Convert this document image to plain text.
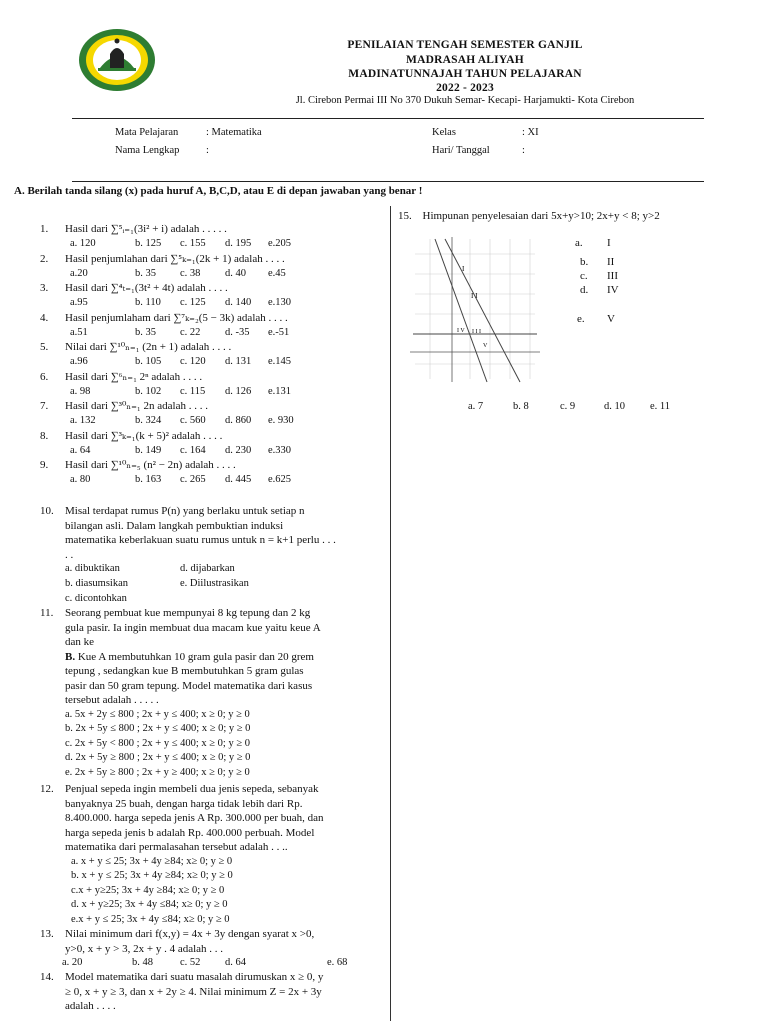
PENILAIAN TENGAH SEMESTER GANJIL
MADRASAH ALIYAH
MADINATUNNAJAH TAHUN PELAJARAN
2022 - 2023
Jl. Cirebon Permai III No 370 Dukuh Semar- Kecapi- Harjamukti- Kota Cirebon
Mata Pelajaran	: Matematika
Nama Lengkap	:
Kelas	: XI
Hari/ Tanggal	:
A. Berilah tanda silang (x) pada huruf A, B,C,D, atau E di depan jawaban yang benar !
1. Hasil dari ∑⁵ᵢ₌₁(3i² + i) adalah . . . . .
a. 120	b. 125 c. 155 d. 195 e.205
2. Hasil penjumlahan dari ∑⁵ₖ₌₁(2k + 1) adalah . . . .
a.20	b. 35 c. 38 d. 40 e.45
3. Hasil dari ∑⁴ₜ₌₁(3t² + 4t) adalah . . . .
a.95	b. 110 c. 125 d. 140 e.130
4. Hasil penjumlaham dari ∑⁷ₖ₌₂(5 − 3k) adalah . . . .
a.51	b. 35 c. 22 d. -35 e.-51
5. Nilai dari ∑¹⁰ₙ₌₁ (2n + 1) adalah . . . .
a.96	b. 105 c. 120 d. 131 e.145
6. Hasil dari ∑⁶ₙ₌₁ 2ⁿ adalah . . . .
a. 98	b. 102 c. 115 d. 126 e.131
7. Hasil dari ∑³⁰ₙ₌₁ 2n adalah . . . .
a. 132	b. 324 c. 560 d. 860 e. 930
8. Hasil dari ∑³ₖ₌₁(k + 5)² adalah . . . .
a. 64	b. 149 c. 164 d. 230 e.330
9. Hasil dari ∑¹⁰ₙ₌₅ (n² − 2n) adalah . . . .
a. 80	b. 163 c. 265 d. 445 e.625
10. Misal terdapat rumus P(n) yang berlaku untuk setiap n
bilangan asli. Dalam langkah pembuktian induksi
matematika keberlakuan suatu rumus untuk n = k+1 perlu . . .
. .
a. dibuktikan	d. dijabarkan
b. diasumsikan	e. Diilustrasikan
c. dicontohkan
11. Seorang pembuat kue mempunyai 8 kg tepung dan 2 kg
gula pasir. Ia ingin membuat dua macam kue yaitu keue A
dan ke
B. Kue A membutuhkan 10 gram gula pasir dan 20 grem
tepung , sedangkan kue B membutuhkan 5 gram gulas
pasir dan 50 gram tepung. Model matematika dari kasus
tersebut adalah . . . . .
a. 5x + 2y ≤ 800 ; 2x + y ≤ 400; x ≥ 0; y ≥ 0
b. 2x + 5y ≤ 800 ; 2x + y ≤ 400; x ≥ 0; y ≥ 0
c. 2x + 5y < 800 ; 2x + y ≤ 400; x ≥ 0; y ≥ 0
d. 2x + 5y ≥ 800 ; 2x + y ≤ 400; x ≥ 0; y ≥ 0
e. 2x + 5y ≥ 800 ; 2x + y ≥ 400; x ≥ 0; y ≥ 0
12. Penjual sepeda ingin membeli dua jenis sepeda, sebanyak
banyaknya 25 buah, dengan harga tidak lebih dari Rp.
8.400.000. harga sepeda jenis A Rp. 300.000 per buah, dan
harga sepeda jenis b adalah Rp. 400.000 perbuah. Model
matematika dari permalasahan tersebut adalah . . ..
a. x + y ≤ 25; 3x + 4y ≥84; x≥ 0; y ≥ 0
b. x + y ≤ 25; 3x + 4y ≥84; x≥ 0; y ≥ 0
c.x + y≥25; 3x + 4y ≥84; x≥ 0; y ≥ 0
d. x + y≥25; 3x + 4y ≤84; x≥ 0; y ≥ 0
e.x + y ≤ 25; 3x + 4y ≤84; x≥ 0; y ≥ 0
13. Nilai minimum dari f(x,y) = 4x + 3y dengan syarat x >0,
y>0, x + y > 3, 2x + y . 4 adalah . . .
a. 20	b. 48	c. 52 d. 64	e. 68
14. Model matematika dari suatu masalah dirumuskan x ≥ 0, y
≥ 0, x + y ≥ 3, dan x + 2y ≥ 4. Nilai minimum Z = 2x + 3y
adalah . . . .
15. Himpunan penyelesaian dari 5x+y>10; 2x+y < 8; y>2
I
I I
I V I I I
V
a. I
b. II
c. III
d. IV
e. V
a. 7	b. 8	c. 9	d. 10 e. 11
